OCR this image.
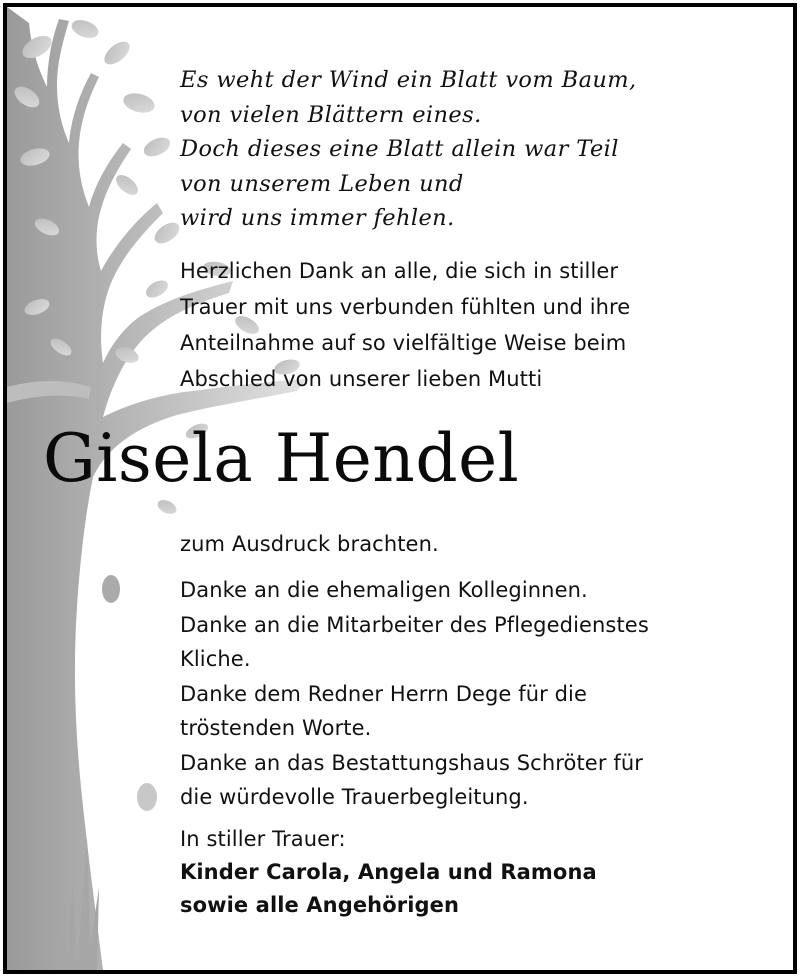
Es weht der Wind ein Blatt vom Baum,
von vielen Blättern eines.
Doch dieses eine Blatt allein war Teil
von unserem Leben und
wird uns immer fehlen.
Herzlichen Dank an alle, die sich in stiller
Trauer mit uns verbunden fühlten und ihre
Anteilnahme auf so vielfältige Weise beim
Abschied von unserer lieben Mutti
Gisela Hendel
zum Ausdruck brachten.
Danke an die ehemaligen Kolleginnen.
Danke an die Mitarbeiter des Pflegedienstes
Kliche.
Danke dem Redner Herrn Dege für die
tröstenden Worte.
Danke an das Bestattungshaus Schröter für
die würdevolle Trauerbegleitung.
In stiller Trauer:
Kinder Carola, Angela und Ramona
sowie alle Angehörigen
